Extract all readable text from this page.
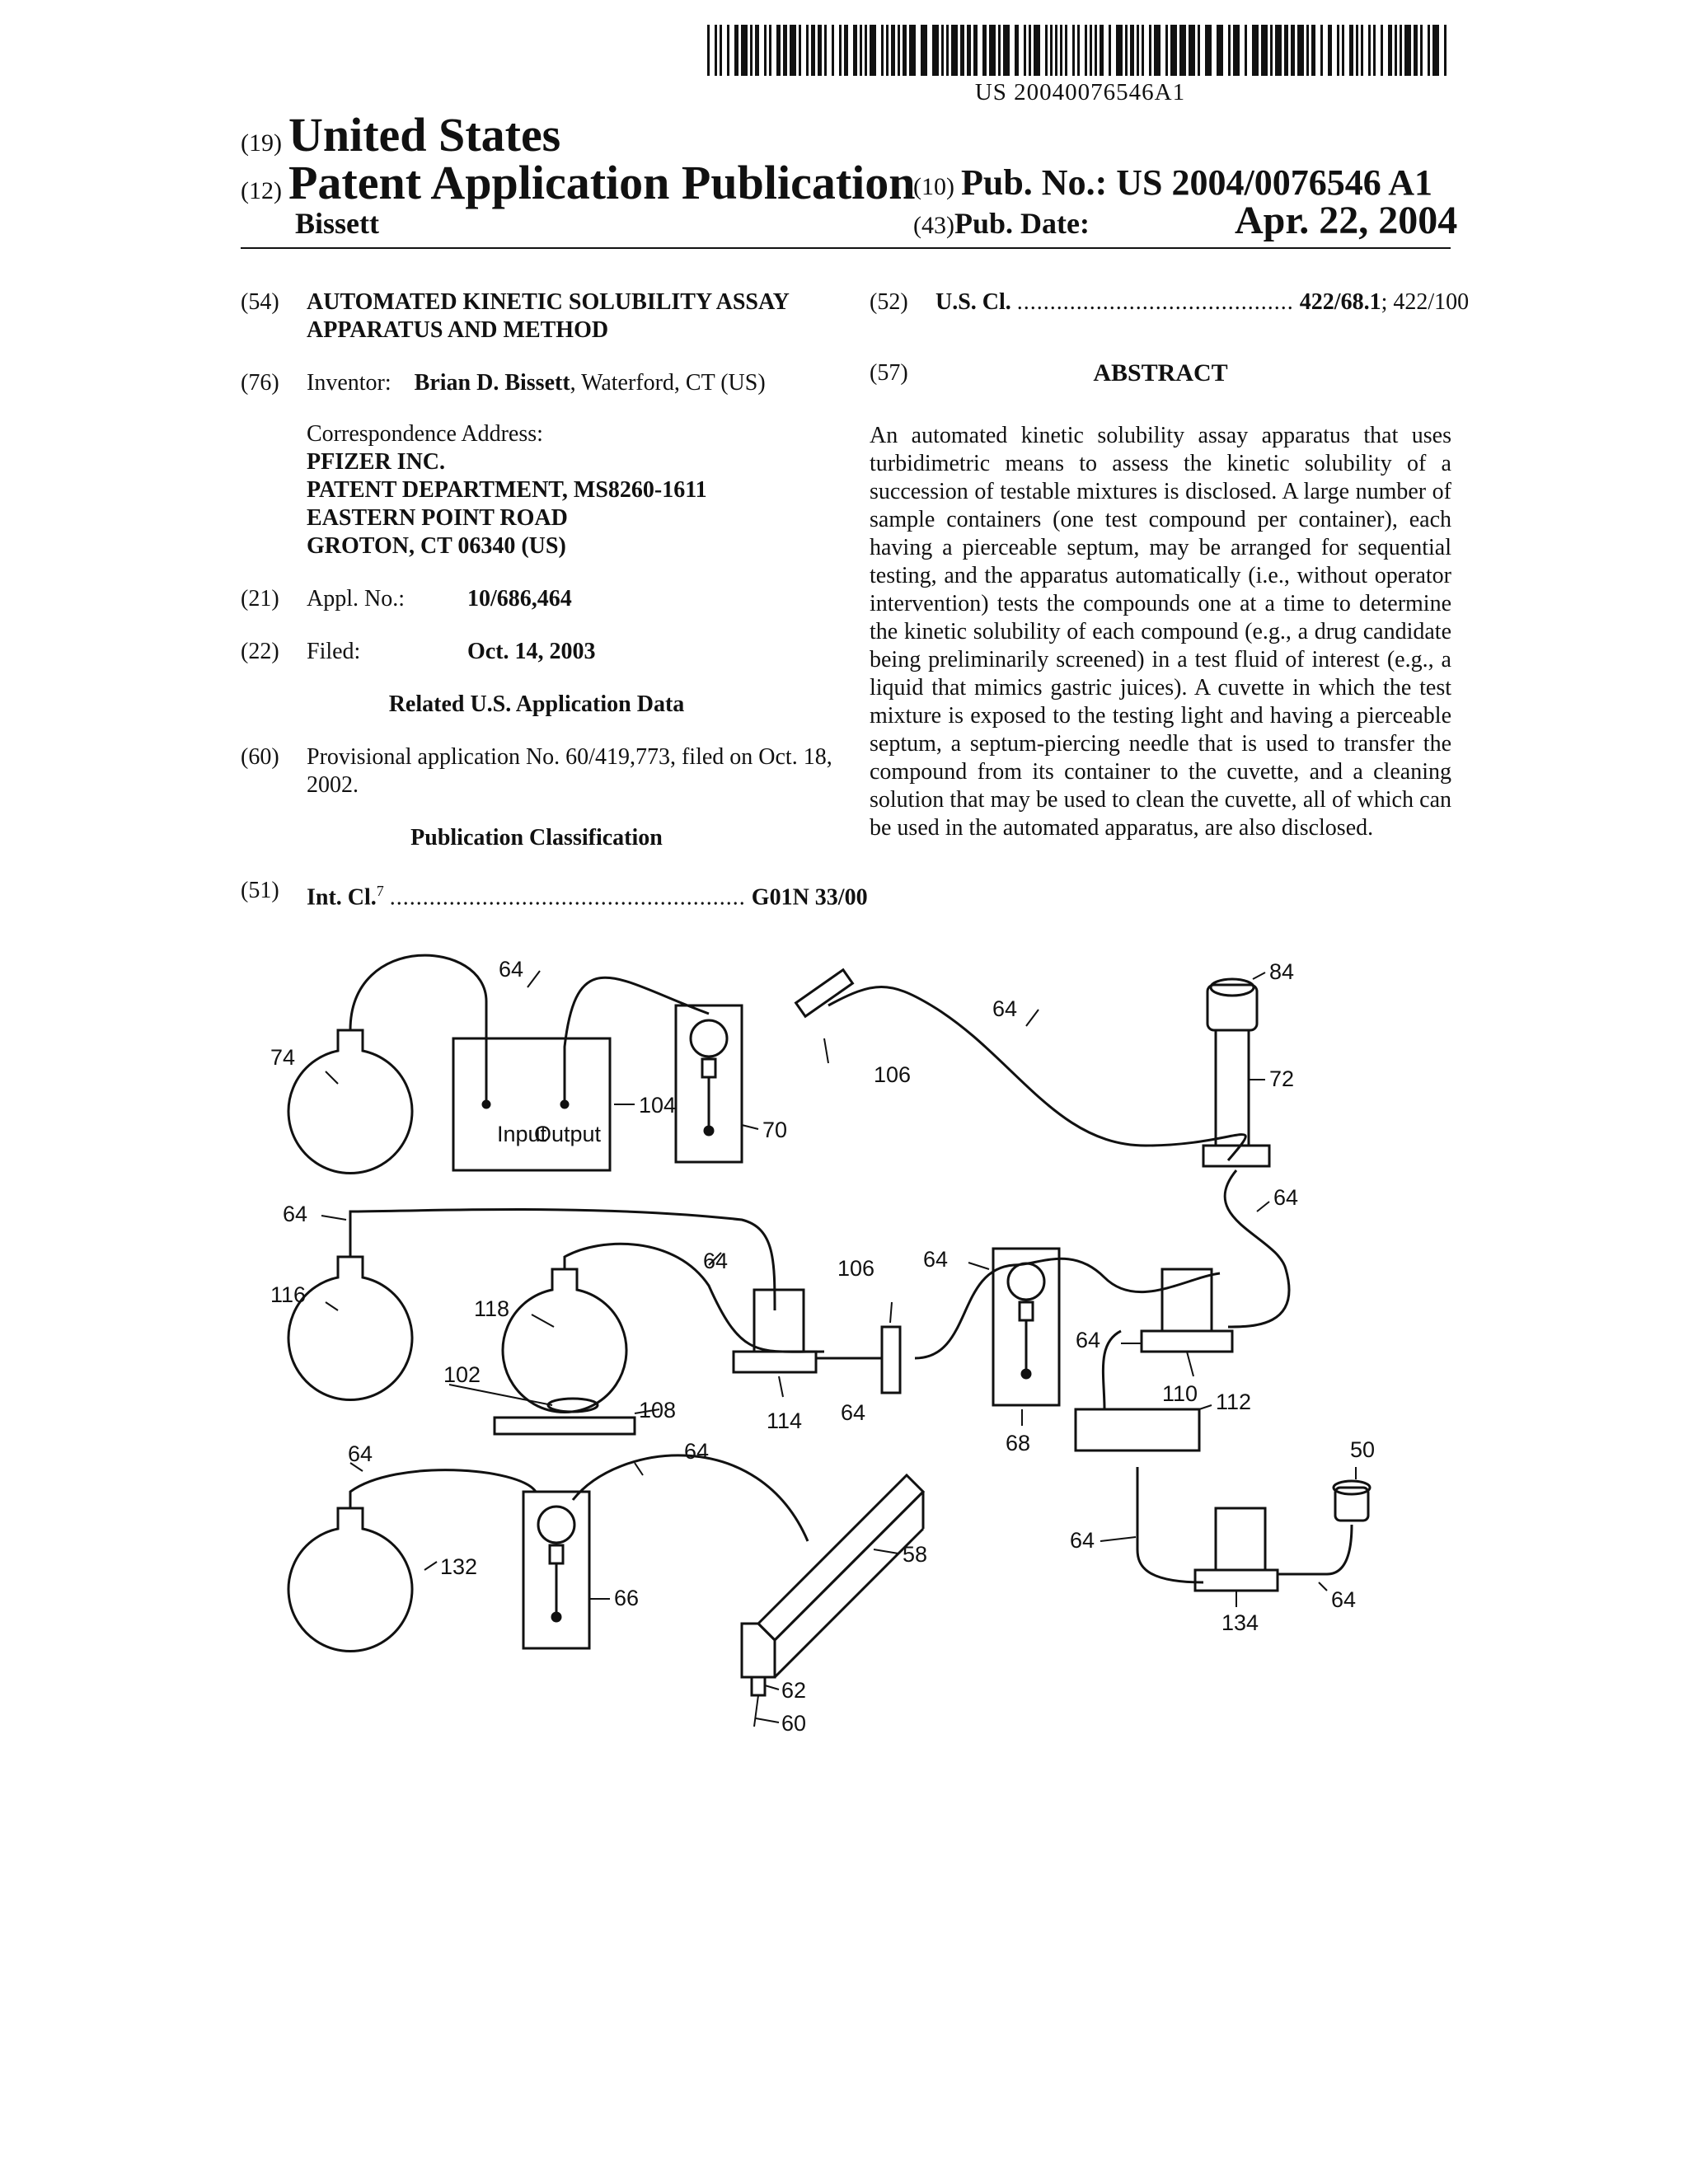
US 20040076546A1
(19) United States
(12) Patent Application Publication
Bissett
(10) Pub. No.: US 2004/0076546 A1
(43)Pub. Date:	Apr. 22, 2004
(54) AUTOMATED KINETIC SOLUBILITY ASSAY APPARATUS AND METHOD
(76) Inventor: Brian D. Bissett, Waterford, CT (US)
Correspondence Address:
PFIZER INC.
PATENT DEPARTMENT, MS8260-1611
EASTERN POINT ROAD
GROTON, CT 06340 (US)
(21) Appl. No.:	10/686,464
(22) Filed:	Oct. 14, 2003
Related U.S. Application Data
(60) Provisional application No. 60/419,773, filed on Oct. 18, 2002.
Publication Classification
(51) Int. Cl.$^7$ ...................................................... G01N 33/00
(52) U.S. Cl. .......................................... 422/68.1; 422/100
(57)	ABSTRACT
An automated kinetic solubility assay apparatus that uses turbidimetric means to assess the kinetic solubility of a succession of testable mixtures is disclosed. A large number of sample containers (one test compound per container), each having a pierceable septum, may be arranged for sequential testing, and the apparatus automatically (i.e., without operator intervention) tests the compounds one at a time to determine the kinetic solubility of each compound (e.g., a drug candidate being preliminarily screened) in a test fluid of interest (e.g., a liquid that mimics gastric juices). A cuvette in which the test mixture is exposed to the testing light and having a pierceable septum, a septum-piercing needle that is used to transfer the compound from its container to the cuvette, and a cleaning solution that may be used to clean the cuvette, all of which can be used in the automated apparatus, are also disclosed.
Input
Output
64
74
104
70
106
64
84
72
64
64
116
118
64
102
108	114 64
106 64
68
64
110 112
50
64
134
64
64	64
132
66
58
62
60
